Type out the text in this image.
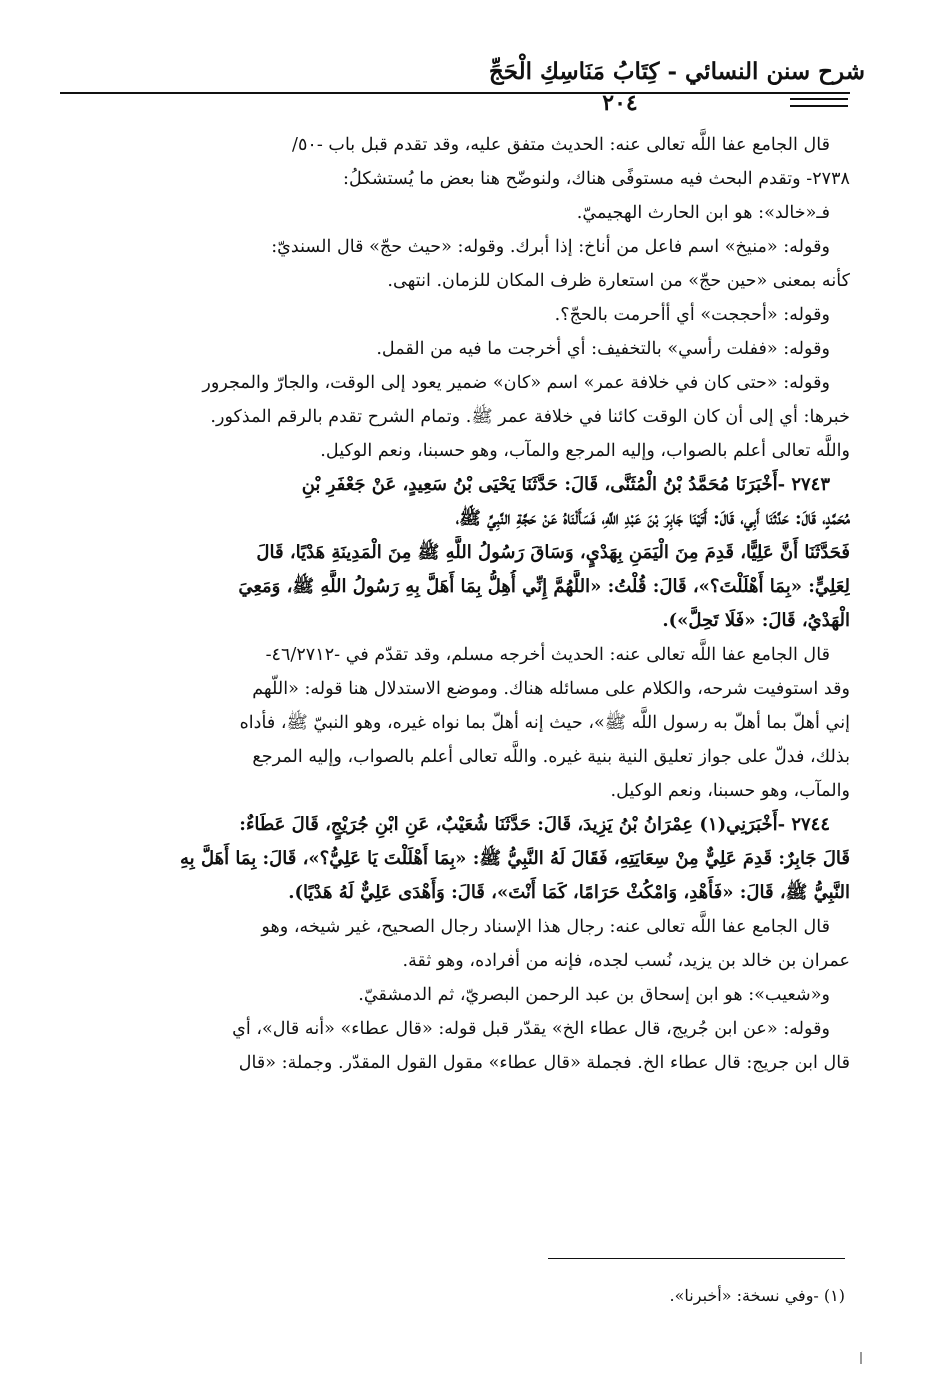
شرح سنن النسائي - كِتَابُ مَنَاسِكِ الْحَجِّ
٢٠٤
قال الجامع عفا اللَّه تعالى عنه: الحديث متفق عليه، وقد تقدم قبل باب -٥٠/
٢٧٣٨- وتقدم البحث فيه مستوفًى هناك، ولنوضّح هنا بعض ما يُستشكلُ:
فـ«خالد»: هو ابن الحارث الهجيميّ.
وقوله: «منيخ» اسم فاعل من أناخ: إذا أبرك. وقوله: «حيث حجّ» قال السنديّ:
كأنه بمعنى «حين حجّ» من استعارة ظرف المكان للزمان. انتهى.
وقوله: «أحججت» أي أأحرمت بالحجّ؟.
وقوله: «ففلت رأسي» بالتخفيف: أي أخرجت ما فيه من القمل.
وقوله: «حتى كان في خلافة عمر» اسم «كان» ضمير يعود إلى الوقت، والجارّ والمجرور
خبرها: أي إلى أن كان الوقت كائنا في خلافة عمر ﷺ. وتمام الشرح تقدم بالرقم المذكور.
واللَّه تعالى أعلم بالصواب، وإليه المرجع والمآب، وهو حسبنا، ونعم الوكيل.
٢٧٤٣ -أَخْبَرَنَا مُحَمَّدُ بْنُ الْمُثَنَّى، قَالَ: حَدَّثَنَا يَحْيَى بْنُ سَعِيدٍ، عَنْ جَعْفَرِ بْنِ
مُحَمَّدٍ، قَالَ: حَدَّثَنَا أَبِي، قَالَ: أَتَيْنَا جَابِرَ بْنَ عَبْدِ اللَّهِ، فَسَأَلْنَاهُ عَنْ حَجَّةِ النَّبِيِّ ﷺ،
فَحَدَّثَنَا أَنَّ عَلِيًّا، قَدِمَ مِنَ الْيَمَنِ بِهَدْيٍ، وَسَاقَ رَسُولُ اللَّهِ ﷺ مِنَ الْمَدِينَةِ هَدْيًا، قَالَ
لِعَلِيٍّ: «بِمَا أَهْلَلْتَ؟»، قَالَ: قُلْتُ: «اللَّهُمَّ إِنِّي أُهِلُّ بِمَا أَهَلَّ بِهِ رَسُولُ اللَّهِ ﷺ، وَمَعِيَ
الْهَدْيُ، قَالَ: «فَلَا تَحِلَّ»).
قال الجامع عفا اللَّه تعالى عنه: الحديث أخرجه مسلم، وقد تقدّم في -٤٦/٢٧١٢-
وقد استوفيت شرحه، والكلام على مسائله هناك. وموضع الاستدلال هنا قوله: «اللّهم
إني أهلّ بما أهلّ به رسول اللَّه ﷺ»، حيث إنه أهلّ بما نواه غيره، وهو النبيّ ﷺ، فأداه
بذلك، فدلّ على جواز تعليق النية بنية غيره. واللَّه تعالى أعلم بالصواب، وإليه المرجع
والمآب، وهو حسبنا، ونعم الوكيل.
٢٧٤٤ -أَخْبَرَنِي(١) عِمْرَانُ بْنُ يَزِيدَ، قَالَ: حَدَّثَنَا شُعَيْبٌ، عَنِ ابْنِ جُرَيْجٍ، قَالَ عَطَاءٌ:
قَالَ جَابِرٌ: قَدِمَ عَلِيٌّ مِنْ سِعَايَتِهِ، فَقَالَ لَهُ النَّبِيُّ ﷺ: «بِمَا أَهْلَلْتَ يَا عَلِيُّ؟»، قَالَ: بِمَا أَهَلَّ بِهِ
النَّبِيُّ ﷺ، قَالَ: «فَأَهْدِ، وَامْكُثْ حَرَامًا، كَمَا أَنْتَ»، قَالَ: وَأَهْدَى عَلِيٌّ لَهُ هَدْيًا).
قال الجامع عفا اللَّه تعالى عنه: رجال هذا الإسناد رجال الصحيح، غير شيخه، وهو
عمران بن خالد بن يزيد، نُسب لجده، فإنه من أفراده، وهو ثقة.
و«شعيب»: هو ابن إسحاق بن عبد الرحمن البصريّ، ثم الدمشقيّ.
وقوله: «عن ابن جُريج، قال عطاء الخ» يقدّر قبل قوله: «قال عطاء» «أنه قال»، أي
قال ابن جريج: قال عطاء الخ. فجملة «قال عطاء» مقول القول المقدّر. وجملة: «قال
(١) -وفي نسخة: «أخبرنا».
